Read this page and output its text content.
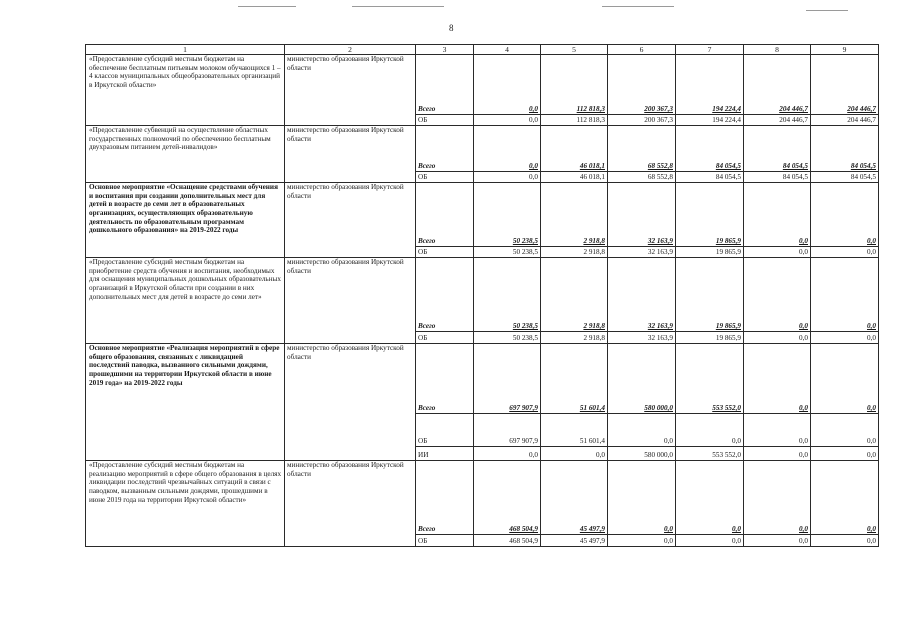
8
1	2	3	4	5	6	7	8	9
«Предоставление субсидий местным бюджетам на обеспечение бесплатным питьевым молоком обучающихся 1 – 4 классов муниципальных общеобразовательных организаций в Иркутской области»	министерство образования Иркутской области	Всего	0,0	112 818,3	200 367,3	194 224,4	204 446,7	204 446,7
		ОБ	0,0	112 818,3	200 367,3	194 224,4	204 446,7	204 446,7
«Предоставление субвенций на осуществление областных государственных полномочий по обеспечению бесплатным двухразовым питанием детей-инвалидов»	министерство образования Иркутской области	Всего	0,0	46 018,1	68 552,8	84 054,5	84 054,5	84 054,5
		ОБ	0,0	46 018,1	68 552,8	84 054,5	84 054,5	84 054,5
Основное мероприятие «Оснащение средствами обучения и воспитания при создании дополнительных мест для детей в возрасте до семи лет в образовательных организациях, осуществляющих образовательную деятельность по образовательным программам дошкольного образования» на 2019-2022 годы	министерство образования Иркутской области	Всего	50 238,5	2 918,8	32 163,9	19 865,9	0,0	0,0
		ОБ	50 238,5	2 918,8	32 163,9	19 865,9	0,0	0,0
«Предоставление субсидий местным бюджетам на приобретение средств обучения и воспитания, необходимых для оснащения муниципальных дошкольных образовательных организаций в Иркутской области при создании в них дополнительных мест для детей в возрасте до семи лет»	министерство образования Иркутской области	Всего	50 238,5	2 918,8	32 163,9	19 865,9	0,0	0,0
		ОБ	50 238,5	2 918,8	32 163,9	19 865,9	0,0	0,0
Основное мероприятие «Реализация мероприятий в сфере общего образования, связанных с ликвидацией последствий паводка, вызванного сильными дождями, прошедшими на территории Иркутской области в июне 2019 года» на 2019-2022 годы	министерство образования Иркутской области	Всего	697 907,9	51 601,4	580 000,0	553 552,0	0,0	0,0
		ОБ	697 907,9	51 601,4	0,0	0,0	0,0	0,0
		ИИ	0,0	0,0	580 000,0	553 552,0	0,0	0,0
«Предоставление субсидий местным бюджетам на реализацию мероприятий в сфере общего образования в целях ликвидации последствий чрезвычайных ситуаций в связи с паводком, вызванным сильными дождями, прошедшими в июне 2019 года на территории Иркутской области»	министерство образования Иркутской области	Всего	468 504,9	45 497,9	0,0	0,0	0,0	0,0
		ОБ	468 504,9	45 497,9	0,0	0,0	0,0	0,0
